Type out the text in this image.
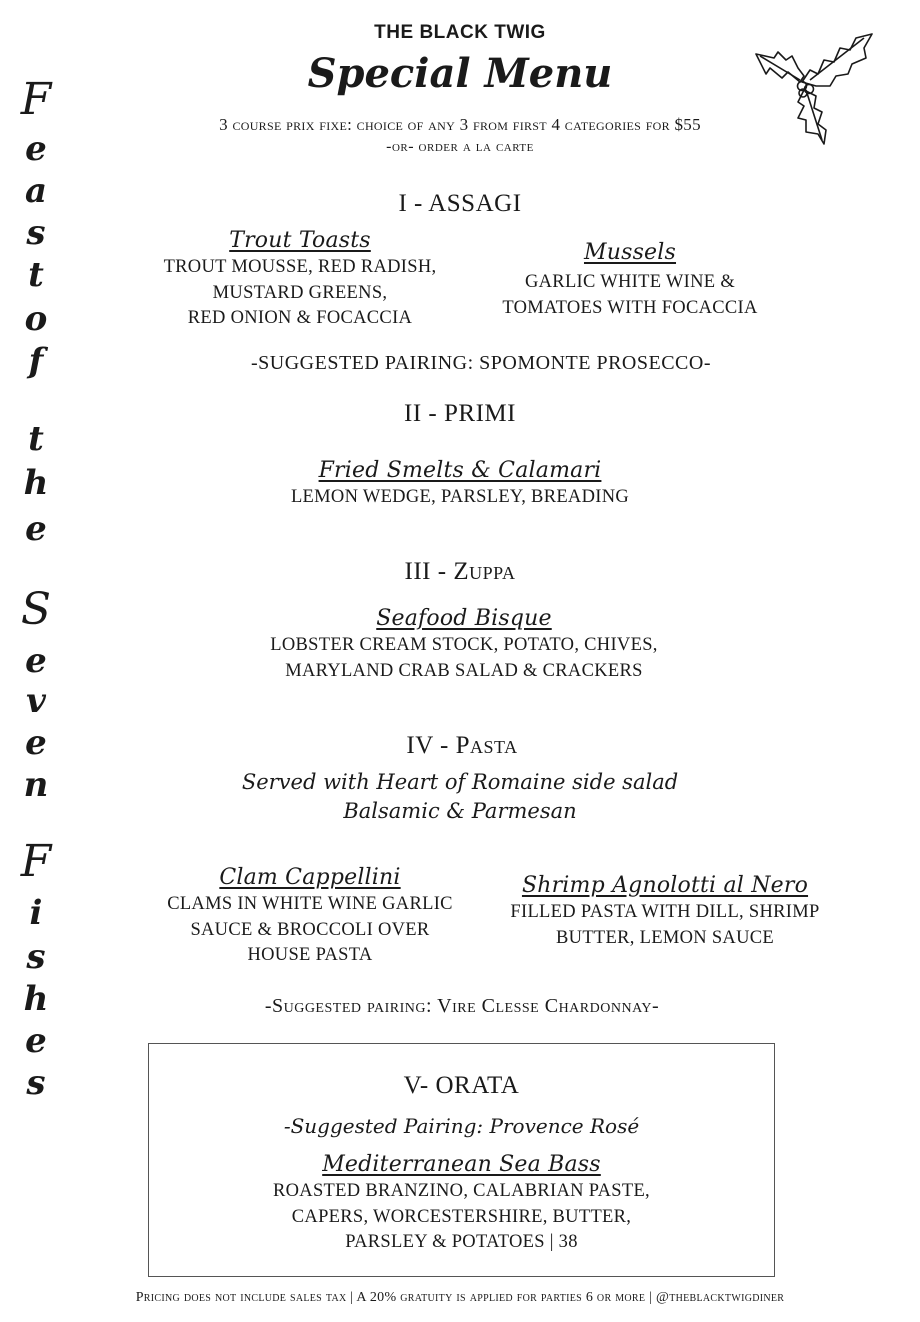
F
e
a
s
t
o
f
t
h
e
S
e
v
e
n
F
i
s
h
e
s
THE BLACK TWIG
Special Menu
3 course prix fixe: choice of any 3 from first 4 categories for $55
-or- order a la carte
I - ASSAGI
Trout Toasts
TROUT MOUSSE, RED RADISH,
MUSTARD GREENS,
RED ONION & FOCACCIA
Mussels
GARLIC WHITE WINE &
TOMATOES WITH FOCACCIA
-SUGGESTED PAIRING: SPOMONTE PROSECCO-
II - PRIMI
Fried Smelts & Calamari
LEMON WEDGE, PARSLEY, BREADING
III - Zuppa
Seafood Bisque
LOBSTER CREAM STOCK, POTATO, CHIVES,
MARYLAND CRAB SALAD & CRACKERS
IV - Pasta
Served with Heart of Romaine side salad
Balsamic & Parmesan
Clam Cappellini
CLAMS IN WHITE WINE GARLIC
SAUCE & BROCCOLI OVER
HOUSE PASTA
Shrimp Agnolotti al Nero
FILLED PASTA WITH DILL, SHRIMP
BUTTER, LEMON SAUCE
-Suggested pairing: Vire Clesse Chardonnay-
V- ORATA
-Suggested Pairing: Provence Rosé
Mediterranean Sea Bass
ROASTED BRANZINO, CALABRIAN PASTE,
CAPERS, WORCESTERSHIRE, BUTTER,
PARSLEY & POTATOES | 38
Pricing does not include sales tax | A 20% gratuity is applied for parties 6 or more | @theblacktwigdiner
